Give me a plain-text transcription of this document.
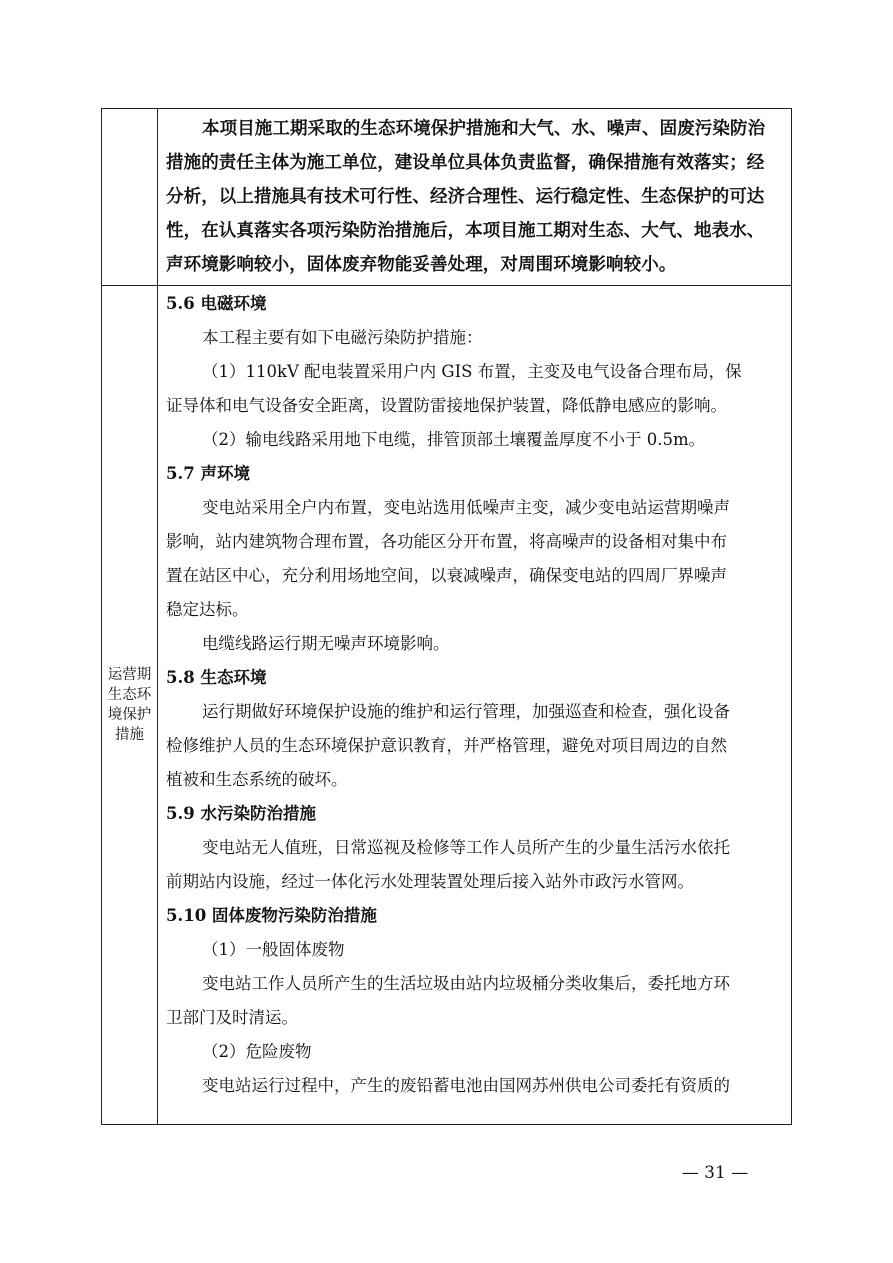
本项目施工期采取的生态环境保护措施和大气、水、噪声、固废污染防治
措施的责任主体为施工单位，建设单位具体负责监督，确保措施有效落实；经
分析，以上措施具有技术可行性、经济合理性、运行稳定性、生态保护的可达
性，在认真落实各项污染防治措施后，本项目施工期对生态、大气、地表水、
声环境影响较小，固体废弃物能妥善处理，对周围环境影响较小。
运营期
生态环
境保护
措施
5.6 电磁环境
本工程主要有如下电磁污染防护措施：
（1）110kV 配电装置采用户内 GIS 布置，主变及电气设备合理布局，保
证导体和电气设备安全距离，设置防雷接地保护装置，降低静电感应的影响。
（2）输电线路采用地下电缆，排管顶部土壤覆盖厚度不小于 0.5m。
5.7 声环境
变电站采用全户内布置，变电站选用低噪声主变，减少变电站运营期噪声
影响，站内建筑物合理布置，各功能区分开布置，将高噪声的设备相对集中布
置在站区中心，充分利用场地空间，以衰减噪声，确保变电站的四周厂界噪声
稳定达标。
电缆线路运行期无噪声环境影响。
5.8 生态环境
运行期做好环境保护设施的维护和运行管理，加强巡查和检查，强化设备
检修维护人员的生态环境保护意识教育，并严格管理，避免对项目周边的自然
植被和生态系统的破坏。
5.9 水污染防治措施
变电站无人值班，日常巡视及检修等工作人员所产生的少量生活污水依托
前期站内设施，经过一体化污水处理装置处理后接入站外市政污水管网。
5.10 固体废物污染防治措施
（1）一般固体废物
变电站工作人员所产生的生活垃圾由站内垃圾桶分类收集后，委托地方环
卫部门及时清运。
（2）危险废物
变电站运行过程中，产生的废铅蓄电池由国网苏州供电公司委托有资质的
— 31 —
